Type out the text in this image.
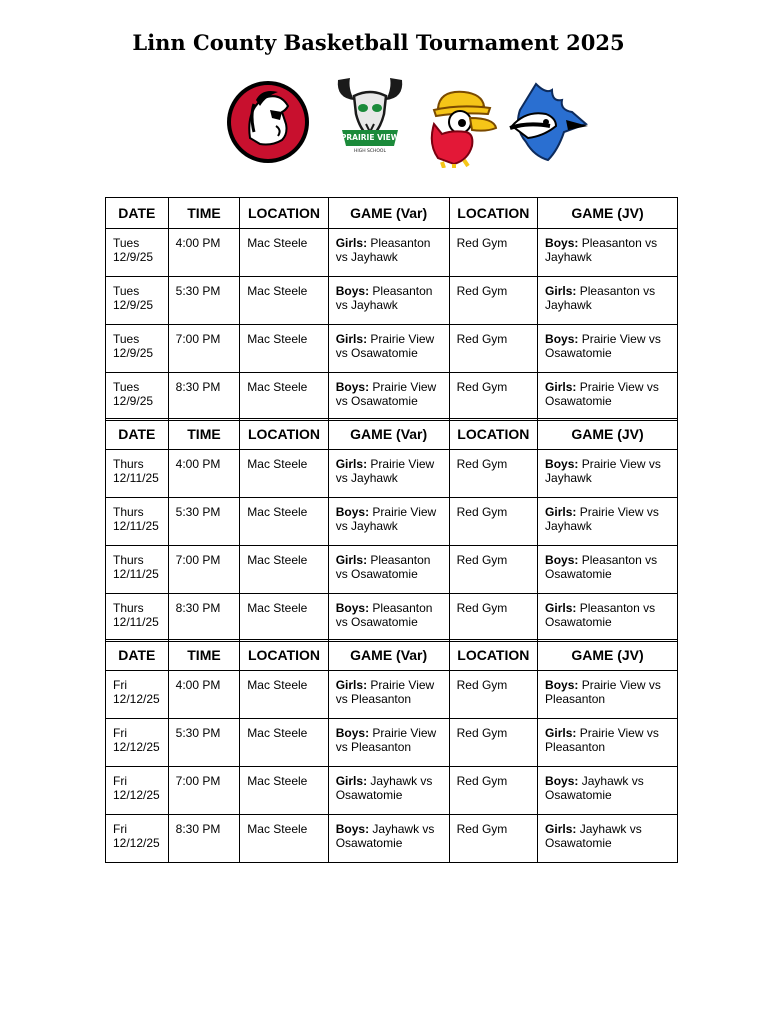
Linn County Basketball Tournament 2025
PRAIRIE VIEW
HIGH SCHOOL
DATE	TIME	LOCATION	GAME (Var)	LOCATION	GAME (JV)
Tues 12/9/25	4:00 PM	Mac Steele	Girls: Pleasanton vs Jayhawk	Red Gym	Boys: Pleasanton vs Jayhawk
Tues 12/9/25	5:30 PM	Mac Steele	Boys: Pleasanton vs Jayhawk	Red Gym	Girls: Pleasanton vs Jayhawk
Tues 12/9/25	7:00 PM	Mac Steele	Girls: Prairie View vs Osawatomie	Red Gym	Boys: Prairie View vs Osawatomie
Tues 12/9/25	8:30 PM	Mac Steele	Boys: Prairie View vs Osawatomie	Red Gym	Girls: Prairie View vs Osawatomie
DATE	TIME	LOCATION	GAME (Var)	LOCATION	GAME (JV)
Thurs 12/11/25	4:00 PM	Mac Steele	Girls: Prairie View vs Jayhawk	Red Gym	Boys: Prairie View vs Jayhawk
Thurs 12/11/25	5:30 PM	Mac Steele	Boys: Prairie View vs Jayhawk	Red Gym	Girls: Prairie View vs Jayhawk
Thurs 12/11/25	7:00 PM	Mac Steele	Girls: Pleasanton vs Osawatomie	Red Gym	Boys: Pleasanton vs Osawatomie
Thurs 12/11/25	8:30 PM	Mac Steele	Boys: Pleasanton vs Osawatomie	Red Gym	Girls: Pleasanton vs Osawatomie
DATE	TIME	LOCATION	GAME (Var)	LOCATION	GAME (JV)
Fri 12/12/25	4:00 PM	Mac Steele	Girls: Prairie View vs Pleasanton	Red Gym	Boys: Prairie View vs Pleasanton
Fri 12/12/25	5:30 PM	Mac Steele	Boys: Prairie View vs Pleasanton	Red Gym	Girls: Prairie View vs Pleasanton
Fri 12/12/25	7:00 PM	Mac Steele	Girls: Jayhawk vs Osawatomie	Red Gym	Boys: Jayhawk vs Osawatomie
Fri 12/12/25	8:30 PM	Mac Steele	Boys: Jayhawk vs Osawatomie	Red Gym	Girls: Jayhawk vs Osawatomie
